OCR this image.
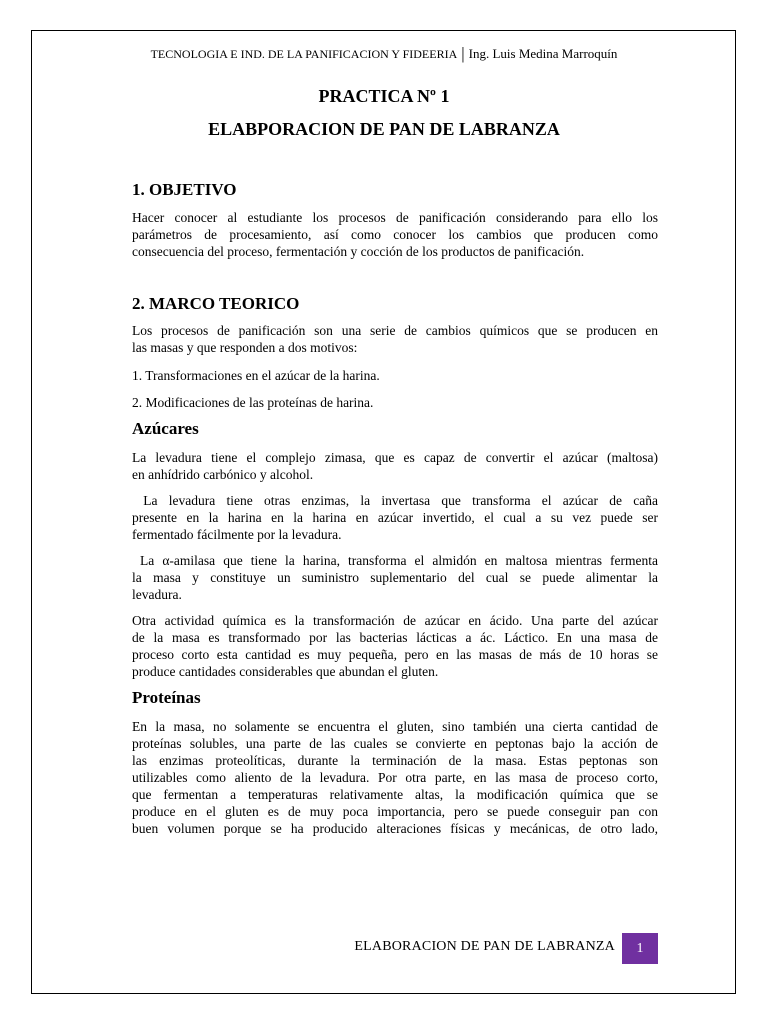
TECNOLOGIA E IND. DE LA PANIFICACION Y FIDEERIA | Ing. Luis Medina Marroquín
PRACTICA Nº 1
ELABPORACION DE PAN DE LABRANZA
1. OBJETIVO
Hacer conocer al estudiante los procesos de panificación considerando para ello los
parámetros de procesamiento, así como conocer los cambios que producen como
consecuencia del proceso, fermentación y cocción de los productos de panificación.
2. MARCO TEORICO
Los procesos de panificación son una serie de cambios químicos que se producen en
las masas y que responden a dos motivos:
1. Transformaciones en el azúcar de la harina.
2. Modificaciones de las proteínas de harina.
Azúcares
La levadura tiene el complejo zimasa, que es capaz de convertir el azúcar (maltosa)
en anhídrido carbónico y alcohol.
La levadura tiene otras enzimas, la invertasa que transforma el azúcar de caña
presente en la harina en la harina en azúcar invertido, el cual a su vez puede ser
fermentado fácilmente por la levadura.
La α-amilasa que tiene la harina, transforma el almidón en maltosa mientras fermenta
la masa y constituye un suministro suplementario del cual se puede alimentar la
levadura.
Otra actividad química es la transformación de azúcar en ácido. Una parte del azúcar
de la masa es transformado por las bacterias lácticas a ác. Láctico. En una masa de
proceso corto esta cantidad es muy pequeña, pero en las masas de más de 10 horas se
produce cantidades considerables que abundan el gluten.
Proteínas
En la masa, no solamente se encuentra el gluten, sino también una cierta cantidad de
proteínas solubles, una parte de las cuales se convierte en peptonas bajo la acción de
las enzimas proteolíticas, durante la terminación de la masa. Estas peptonas son
utilizables como aliento de la levadura. Por otra parte, en las masa de proceso corto,
que fermentan a temperaturas relativamente altas, la modificación química que se
produce en el gluten es de muy poca importancia, pero se puede conseguir pan con
buen volumen porque se ha producido alteraciones físicas y mecánicas, de otro lado,
ELABORACION DE PAN DE LABRANZA 1
